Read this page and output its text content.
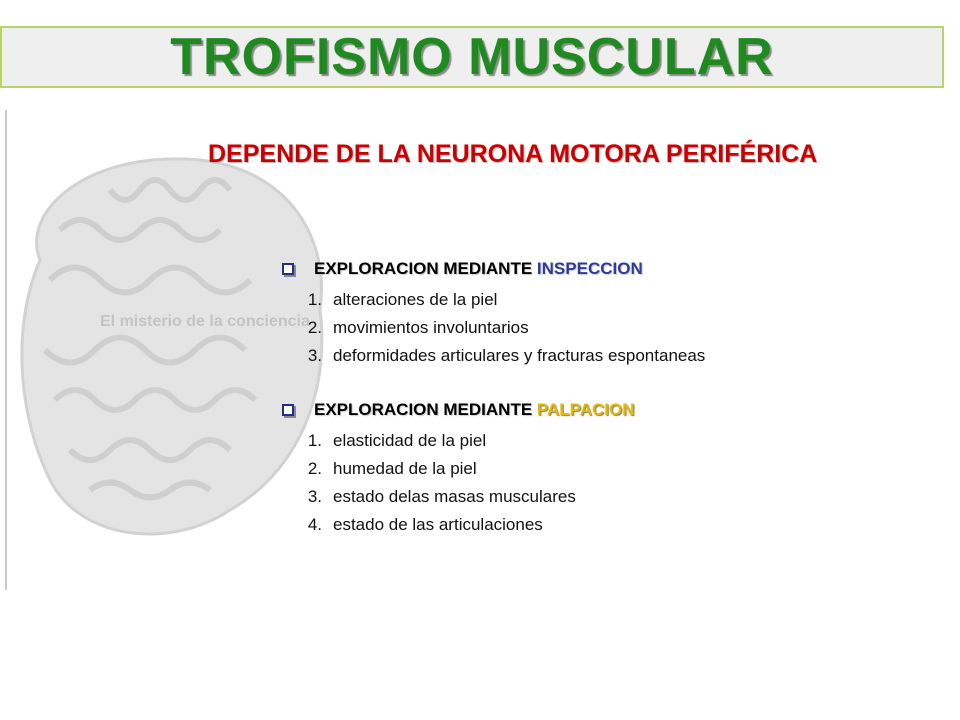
TROFISMO MUSCULAR
El misterio de la conciencia
DEPENDE DE LA NEURONA MOTORA PERIFÉRICA
EXPLORACION MEDIANTE
INSPECCION
1. alteraciones de la piel
2. movimientos involuntarios
3. deformidades articulares y fracturas espontaneas
EXPLORACION MEDIANTE
PALPACION
1. elasticidad de la piel
2. humedad de la piel
3. estado delas masas musculares
4. estado de las articulaciones
